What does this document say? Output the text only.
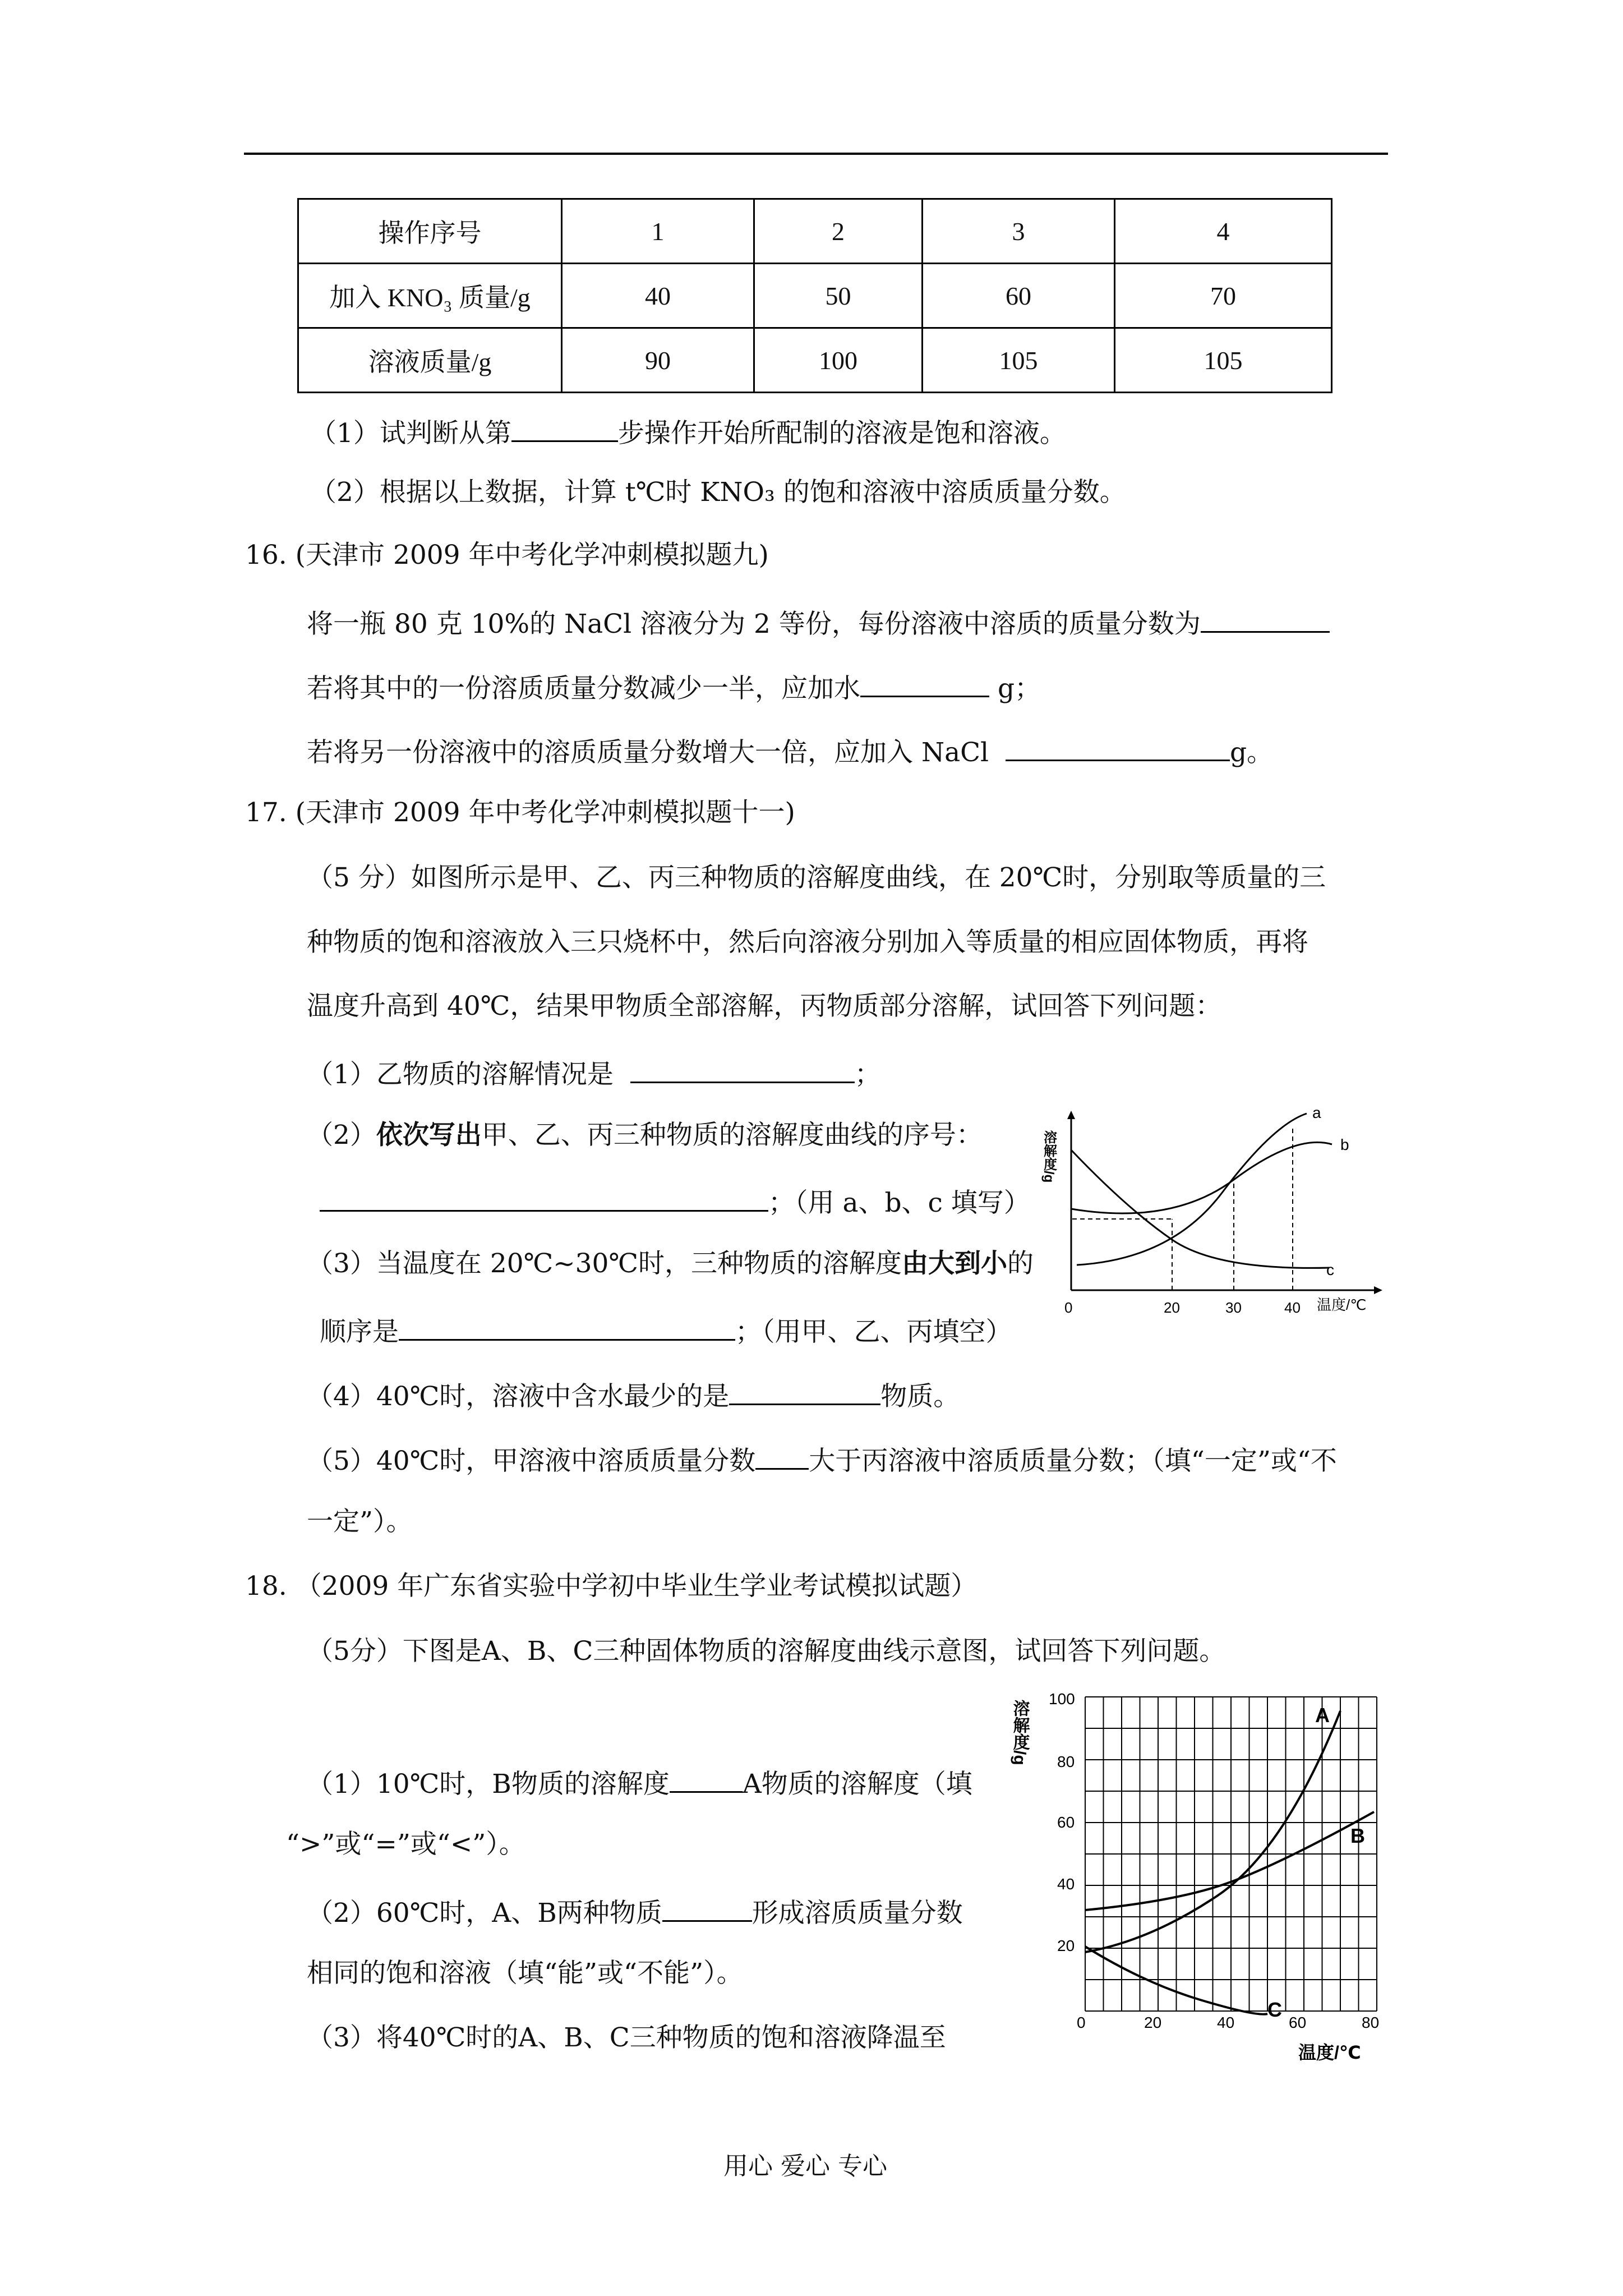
操作序号	1	2	3	4
加入 KNO₃ 质量/g	40	50	60	70
溶液质量/g	90	100	105	105
（1）试判断从第	步操作开始所配制的溶液是饱和溶液。
（2）根据以上数据，计算 t℃时 KNO₃ 的饱和溶液中溶质质量分数。
16. (天津市 2009 年中考化学冲刺模拟题九)
将一瓶 80 克 10%的 NaCl 溶液分为 2 等份，每份溶液中溶质的质量分数为
若将其中的一份溶质质量分数减少一半，应加水	g；
若将另一份溶液中的溶质质量分数增大一倍，应加入 NaCl	g。
17. (天津市 2009 年中考化学冲刺模拟题十一)
（5 分）如图所示是甲、乙、丙三种物质的溶解度曲线，在 20℃时，分别取等质量的三
种物质的饱和溶液放入三只烧杯中，然后向溶液分别加入等质量的相应固体物质，再将
温度升高到 40℃，结果甲物质全部溶解，丙物质部分溶解，试回答下列问题：
（1）乙物质的溶解情况是	；
（2）依次写出甲、乙、丙三种物质的溶解度曲线的序号：
；（用 a、b、c 填写）
（3）当温度在 20℃~30℃时，三种物质的溶解度由大到小的
顺序是	；（用甲、乙、丙填空）
（4）40℃时，溶液中含水最少的是	物质。
（5）40℃时，甲溶液中溶质质量分数 大于丙溶液中溶质质量分数；（填“一定”或“不
一定”）。
溶解度/g
a
b
c
0	20	30	40 温度/℃
18. （2009 年广东省实验中学初中毕业生学业考试模拟试题）
（5分）下图是A、B、C三种固体物质的溶解度曲线示意图，试回答下列问题。
（1）10℃时，B物质的溶解度	A物质的溶解度（填
“>”或“=”或“<”）。
（2）60℃时，A、B两种物质	形成溶质质量分数
相同的饱和溶液（填“能”或“不能”）。
（3）将40℃时的A、B、C三种物质的饱和溶液降温至
溶解度/g
100
80
60
40
20
0	20	40	60	80
温度/℃
A
B
C
用心 爱心 专心
